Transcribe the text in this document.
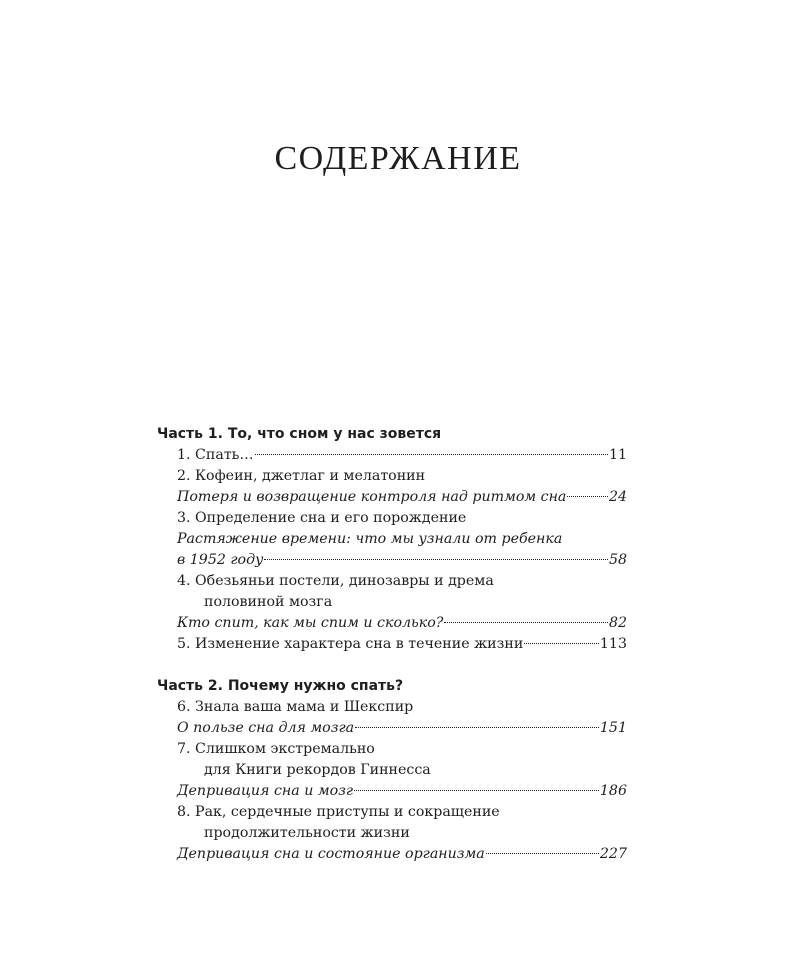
СОДЕРЖАНИЕ
Часть 1. То, что сном у нас зовется
1. Спать…	11
2. Кофеин, джетлаг и мелатонин
Потеря и возвращение контроля над ритмом сна	24
3. Определение сна и его порождение
Растяжение времени: что мы узнали от ребенка
в 1952 году	58
4. Обезьяньи постели, динозавры и дрема
половиной мозга
Кто спит, как мы спим и сколько?	82
5. Изменение характера сна в течение жизни	113
Часть 2. Почему нужно спать?
6. Знала ваша мама и Шекспир
О пользе сна для мозга	151
7. Слишком экстремально
для Книги рекордов Гиннесса
Депривация сна и мозг	186
8. Рак, сердечные приступы и сокращение
продолжительности жизни
Депривация сна и состояние организма	227
